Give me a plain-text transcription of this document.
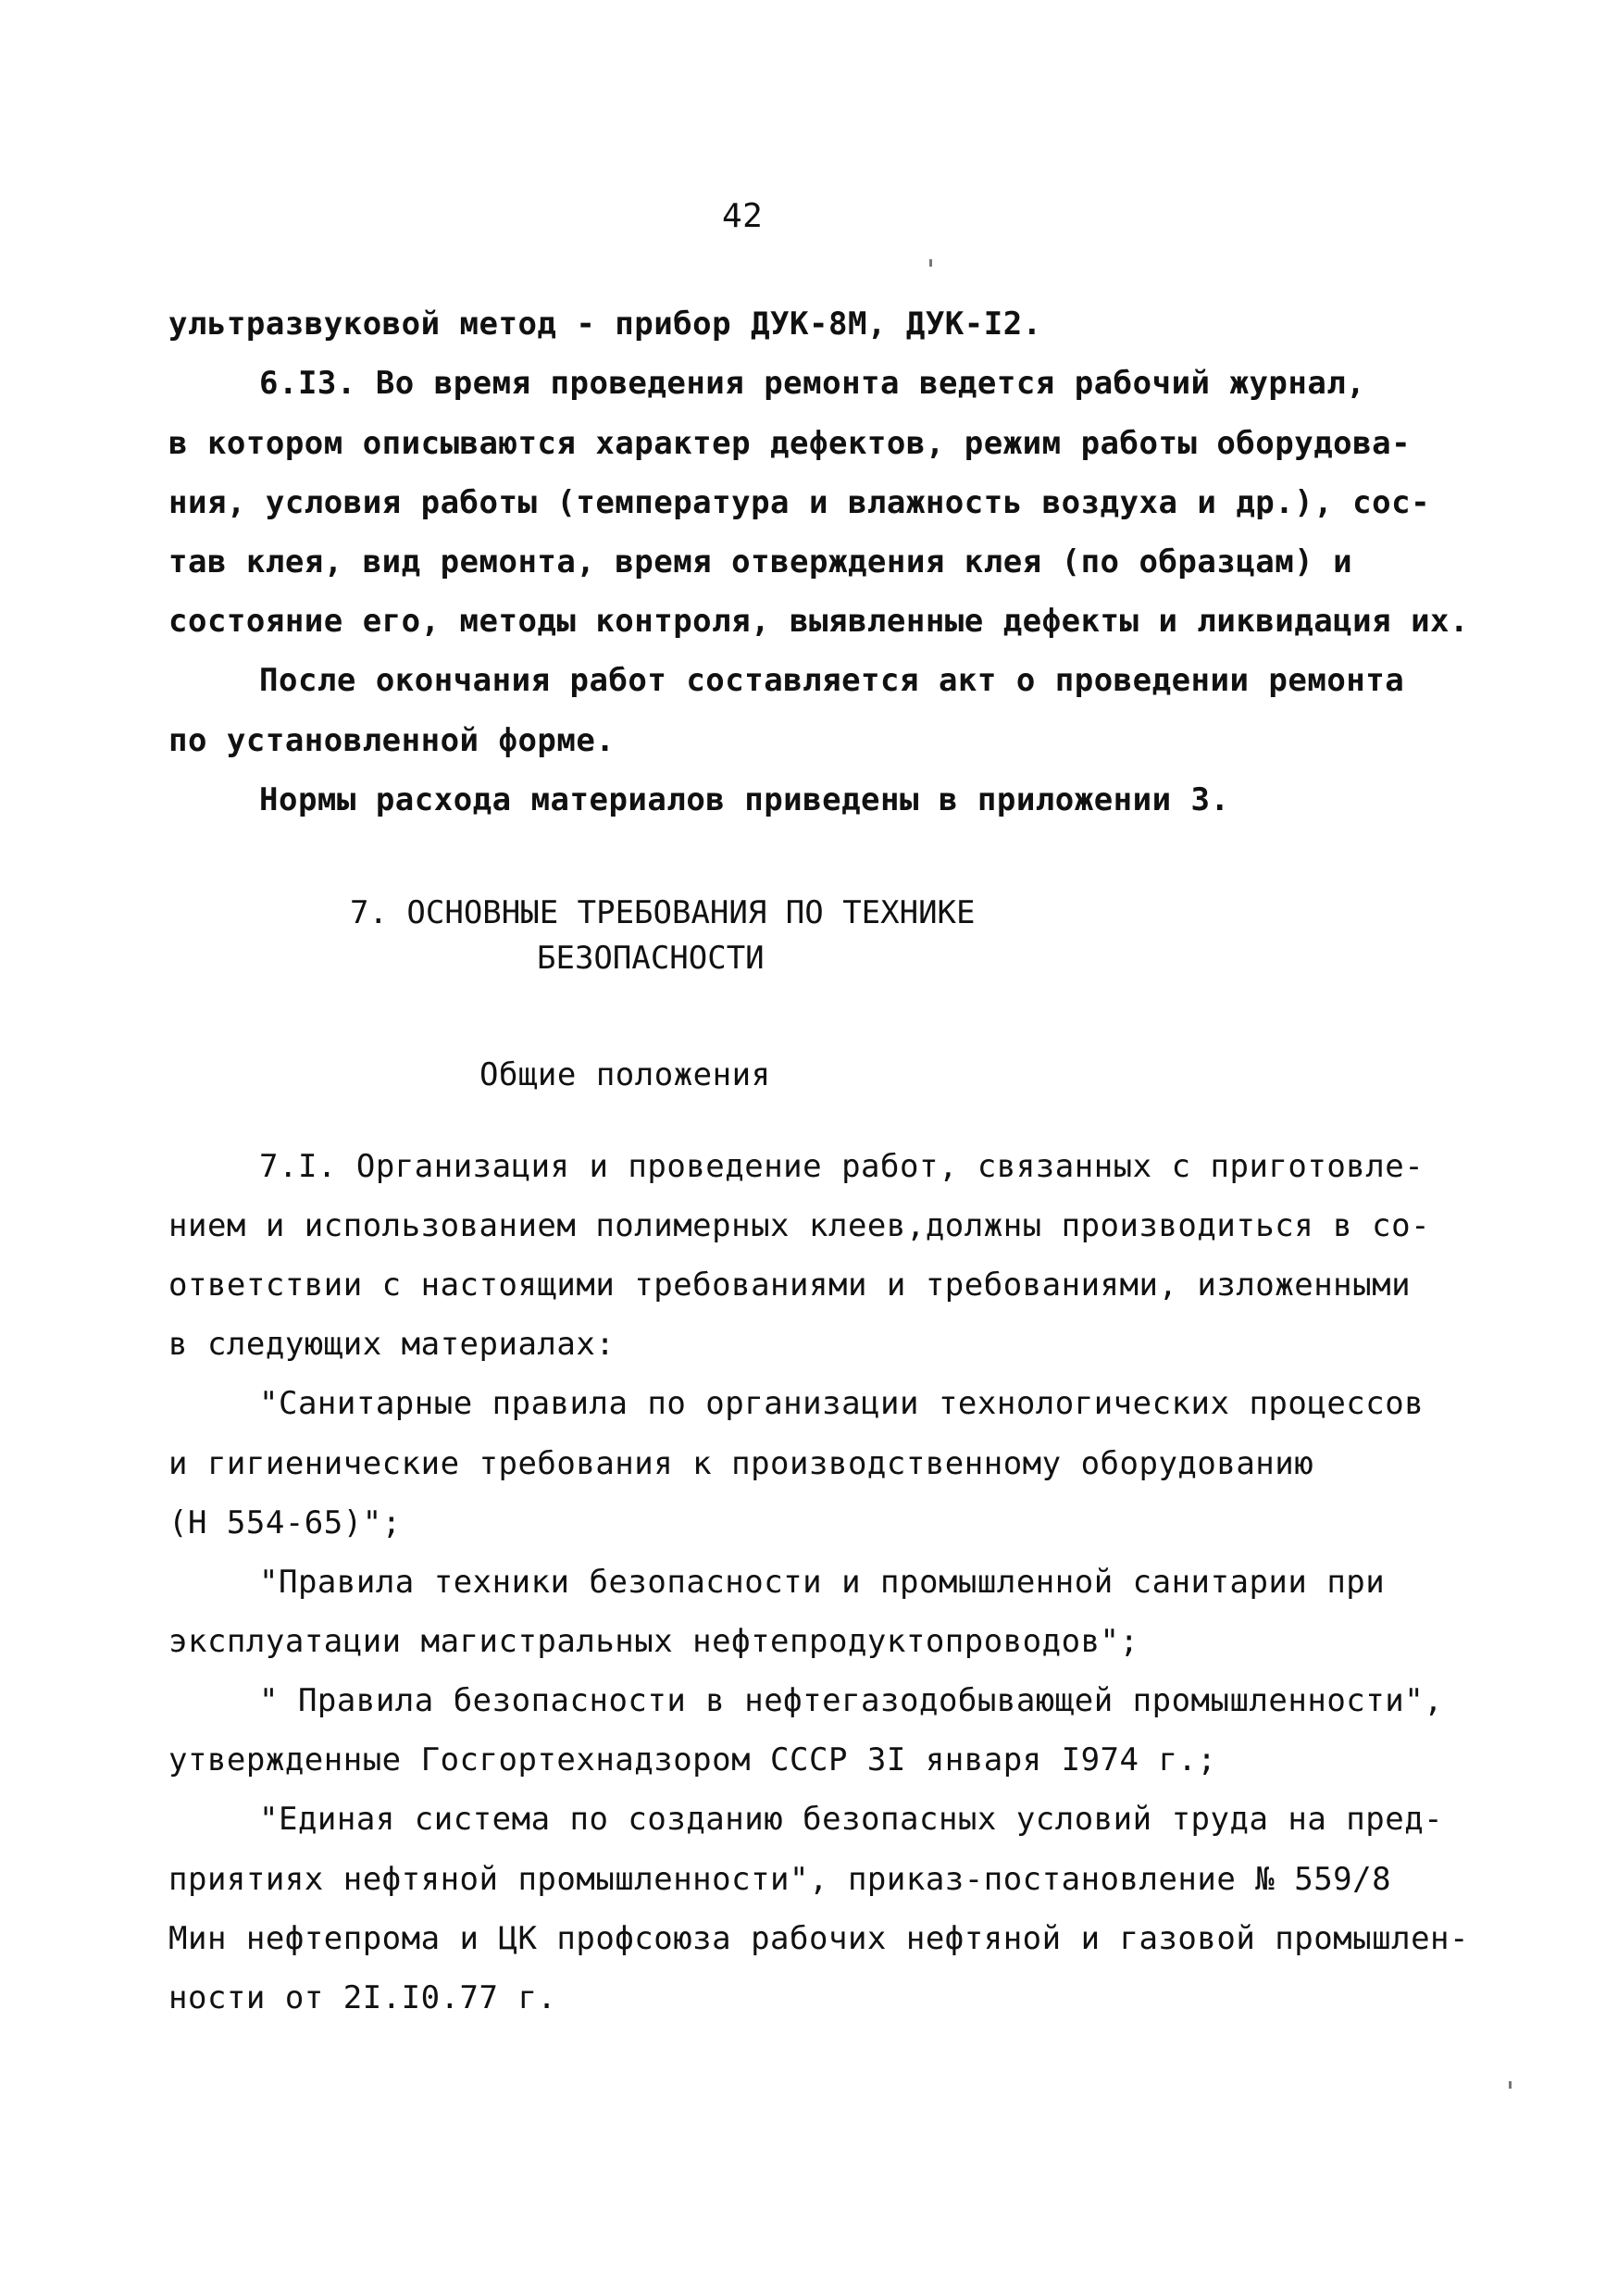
42
ультразвуковой метод - прибор ДУК-8М, ДУК-I2.
6.I3. Во время проведения ремонта ведется рабочий журнал,
в котором описываются характер дефектов, режим работы оборудова-
ния, условия работы (температура и влажность воздуха и др.), сос-
тав клея, вид ремонта, время отверждения клея (по образцам) и
состояние его, методы контроля, выявленные дефекты и ликвидация их.
После окончания работ составляется акт о проведении ремонта
по установленной форме.
Нормы расхода материалов приведены в приложении 3.
7. ОСНОВНЫЕ ТРЕБОВАНИЯ ПО ТЕХНИКЕ
БЕЗОПАСНОСТИ
Общие положения
7.I. Организация и проведение работ, связанных с приготовле-
нием и использованием полимерных клеев,должны производиться в со-
ответствии с настоящими требованиями и требованиями, изложенными
в следующих материалах:
"Санитарные правила по организации технологических процессов
и гигиенические требования к производственному оборудованию
(Н 554-65)";
"Правила техники безопасности и промышленной санитарии при
эксплуатации магистральных нефтепродуктопроводов";
" Правила безопасности в нефтегазодобывающей промышленности",
утвержденные Госгортехнадзором СССР 3I января I974 г.;
"Единая система по созданию безопасных условий труда на пред-
приятиях нефтяной промышленности", приказ-постановление № 559/8
Мин нефтепрома и ЦК профсоюза рабочих нефтяной и газовой промышлен-
ности от 2I.I0.77 г.
